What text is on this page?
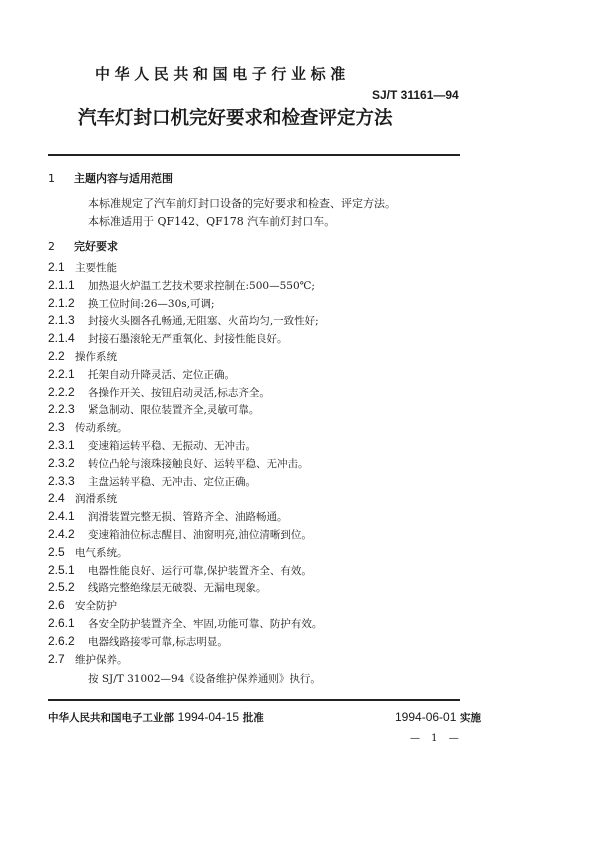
中华人民共和国电子行业标准
SJ/T 31161—94
汽车灯封口机完好要求和检查评定方法
1 主题内容与适用范围
本标准规定了汽车前灯封口设备的完好要求和检查、评定方法。
本标准适用于 QF142、QF178 汽车前灯封口车。
2 完好要求
2.1 主要性能
2.1.1 加热退火炉温工艺技术要求控制在:500—550℃;
2.1.2 换工位时间:26—30s,可调;
2.1.3 封接火头圈各孔畅通,无阻塞、火苗均匀,一致性好;
2.1.4 封接石墨滚轮无严重氧化、封接性能良好。
2.2 操作系统
2.2.1 托架自动升降灵活、定位正确。
2.2.2 各操作开关、按钮启动灵活,标志齐全。
2.2.3 紧急制动、限位装置齐全,灵敏可靠。
2.3 传动系统。
2.3.1 变速箱运转平稳、无振动、无冲击。
2.3.2 转位凸轮与滚珠接触良好、运转平稳、无冲击。
2.3.3 主盘运转平稳、无冲击、定位正确。
2.4 润滑系统
2.4.1 润滑装置完整无损、管路齐全、油路畅通。
2.4.2 变速箱油位标志醒目、油窗明亮,油位清晰到位。
2.5 电气系统。
2.5.1 电器性能良好、运行可靠,保护装置齐全、有效。
2.5.2 线路完整绝缘层无破裂、无漏电现象。
2.6 安全防护
2.6.1 各安全防护装置齐全、牢固,功能可靠、防护有效。
2.6.2 电器线路接零可靠,标志明显。
2.7 维护保养。
按 SJ/T 31002—94《设备维护保养通则》执行。
中华人民共和国电子工业部 1994-04-15 批准	1994-06-01 实施
— 1 —
